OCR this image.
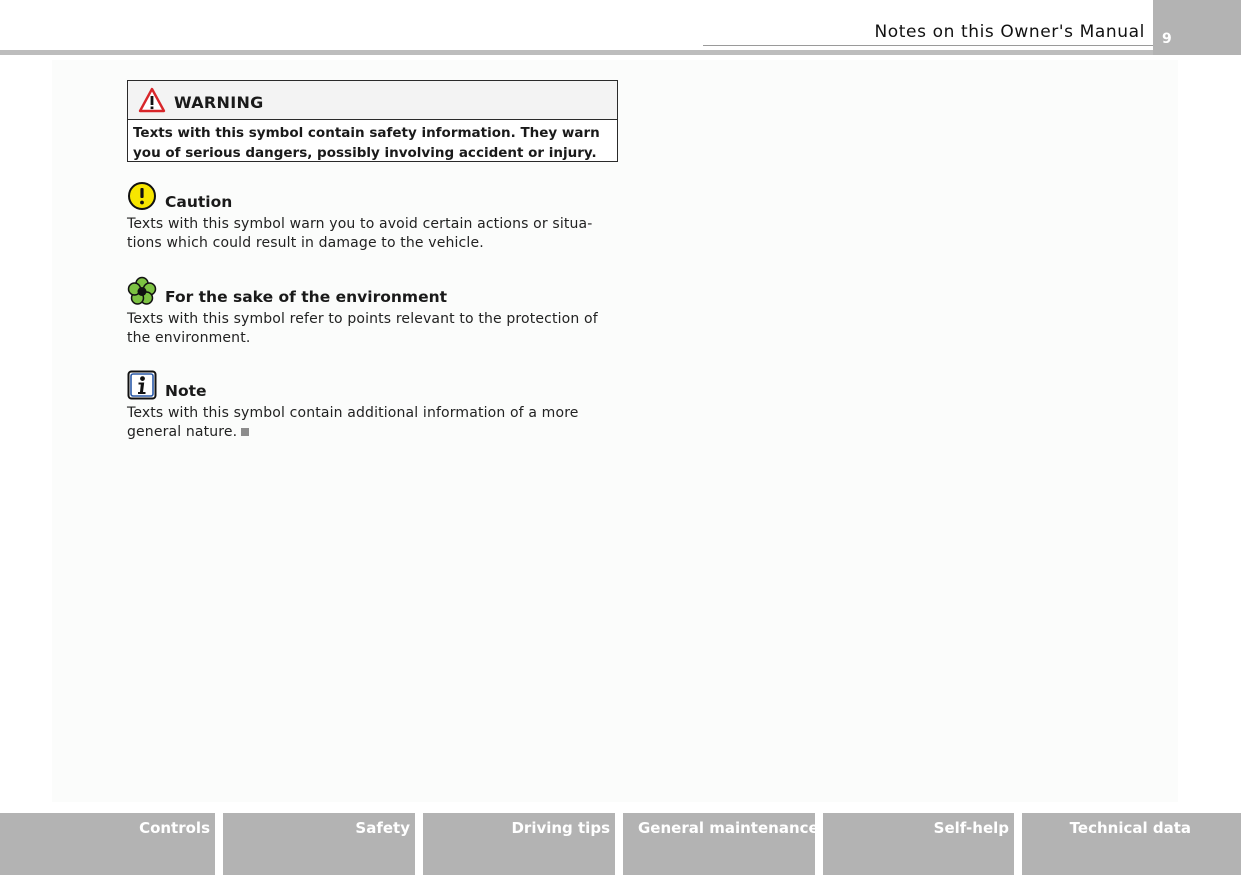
Notes on this Owner's Manual 9
WARNING
Texts with this symbol contain safety information. They warn you of serious dangers, possibly involving accident or injury.
Caution
Texts with this symbol warn you to avoid certain actions or situa-tions which could result in damage to the vehicle.
For the sake of the environment
Texts with this symbol refer to points relevant to the protection of the environment.
Note
Texts with this symbol contain additional information of a more general nature.
Controls	Safety	Driving tips	General maintenance	Self-help	Technical data
